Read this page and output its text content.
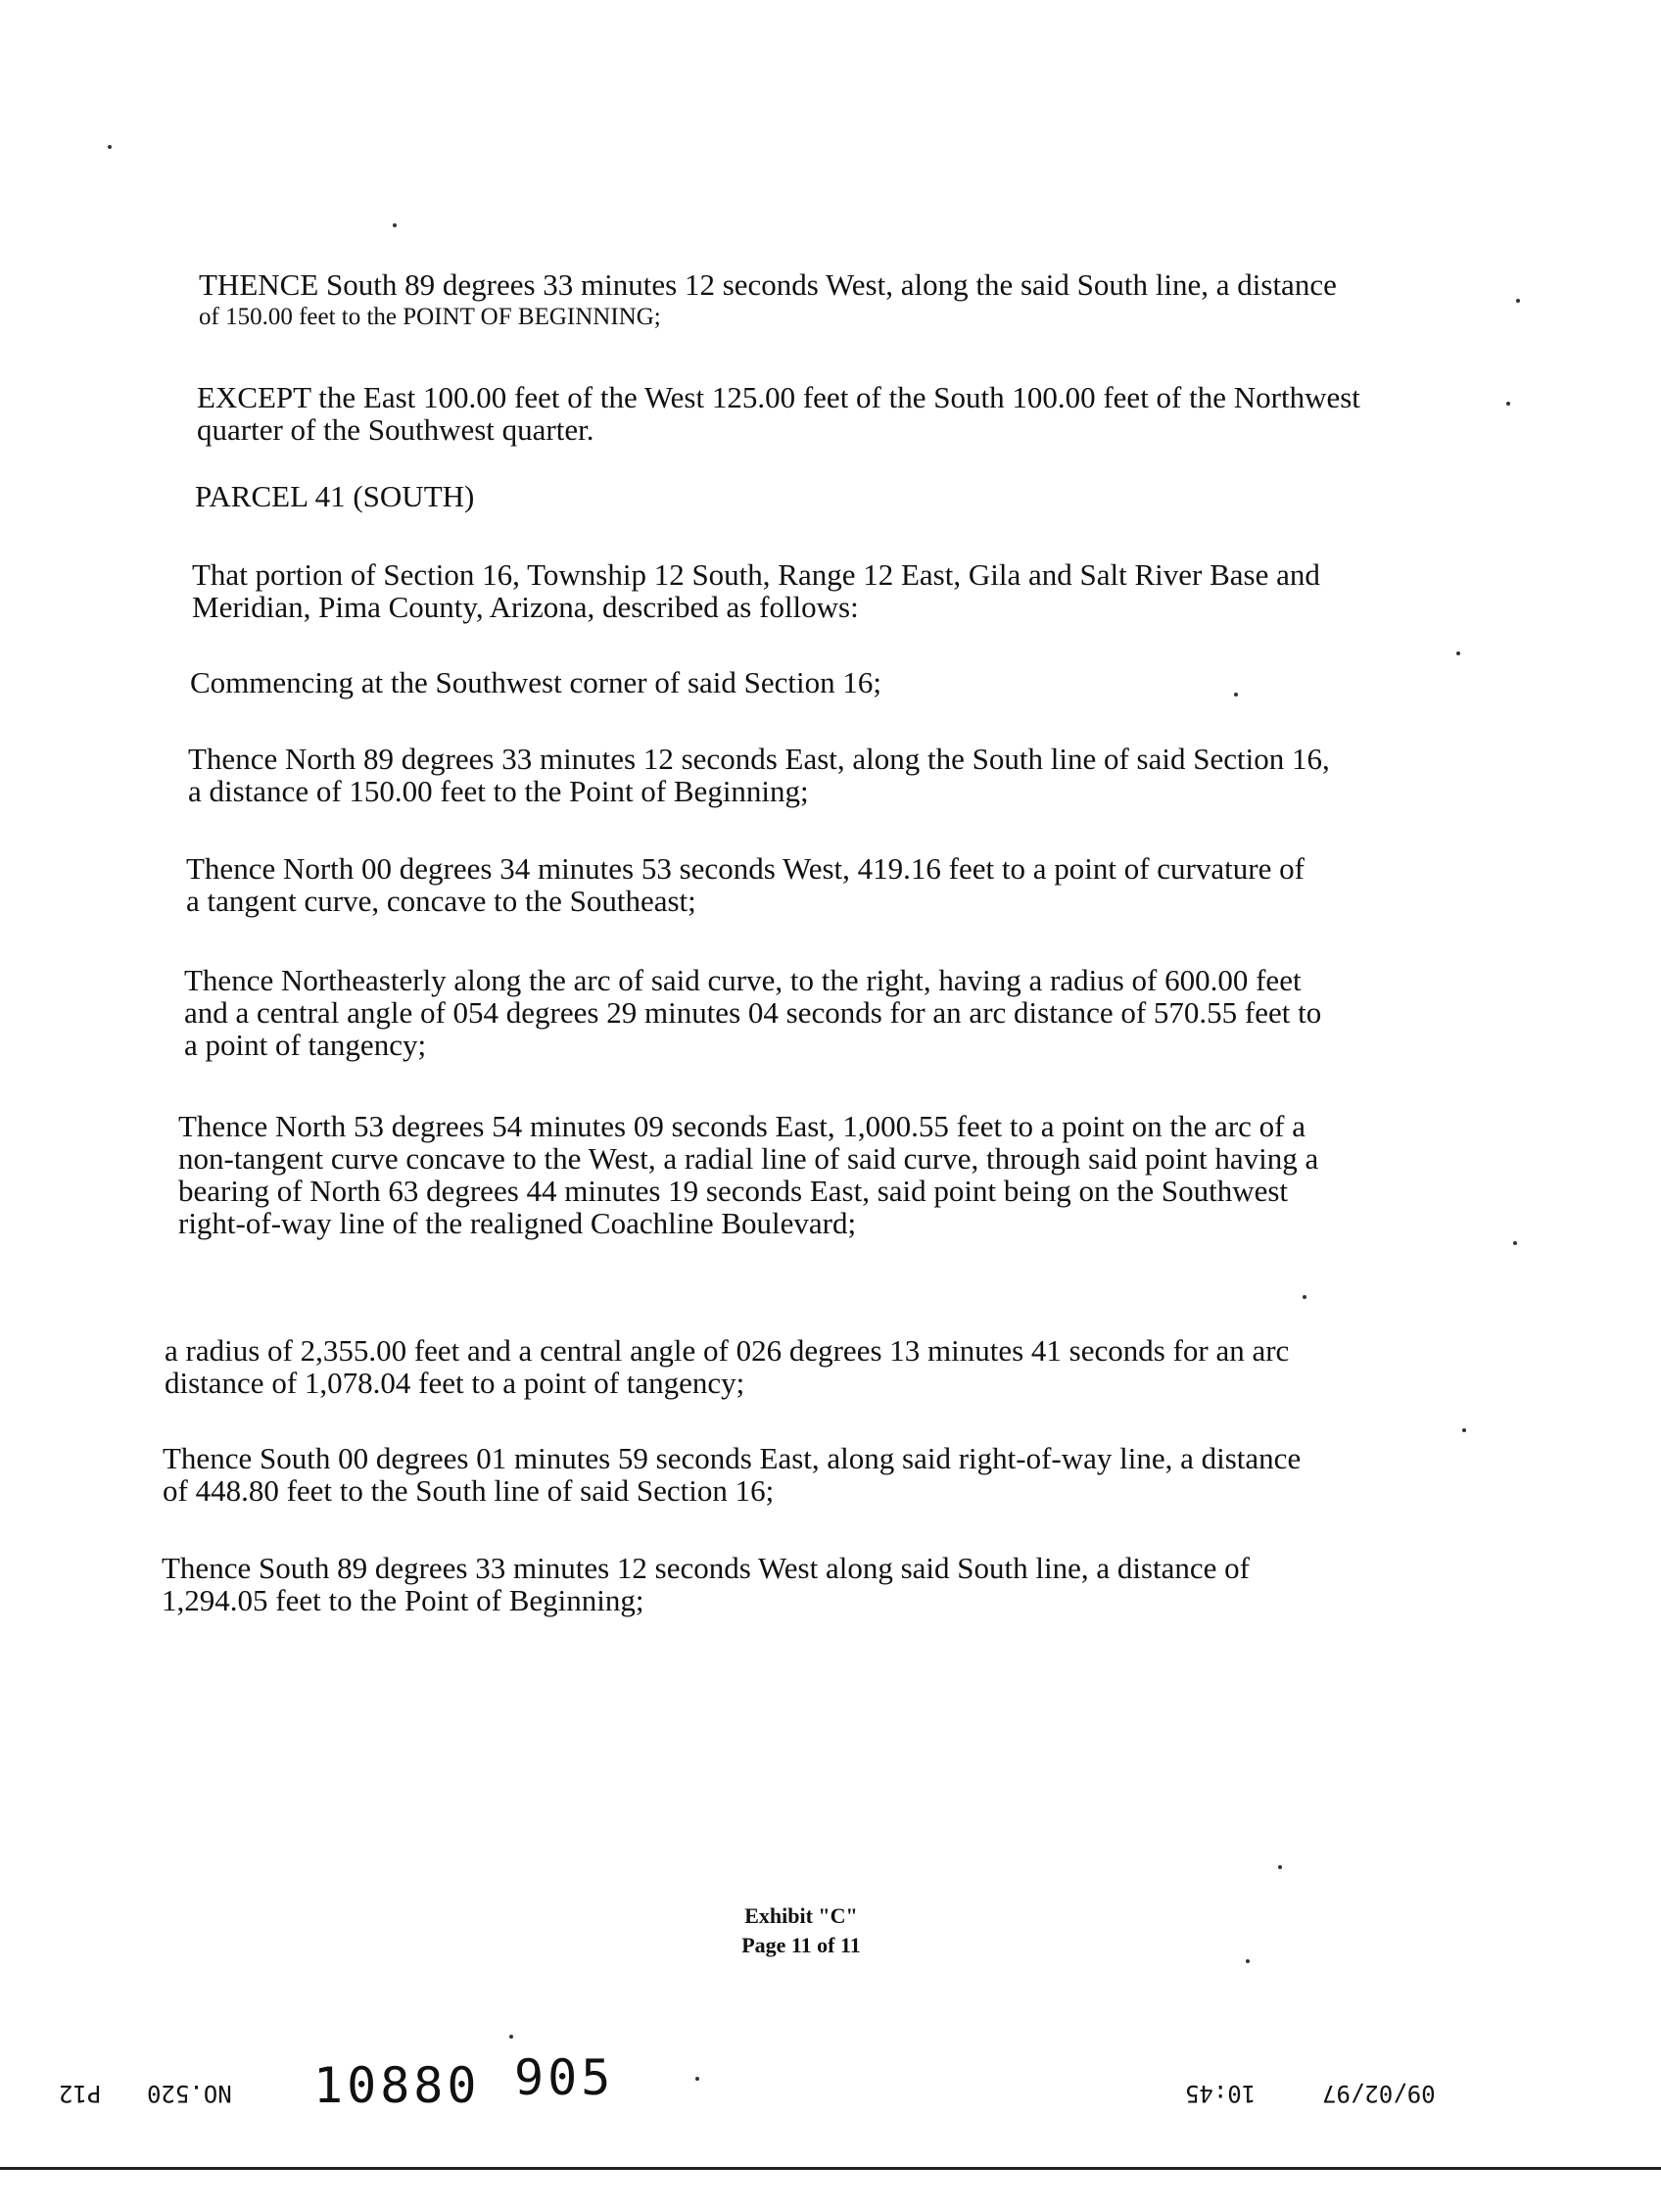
THENCE South 89 degrees 33 minutes 12 seconds West, along the said South line, a distance
of 150.00 feet to the POINT OF BEGINNING;
EXCEPT the East 100.00 feet of the West 125.00 feet of the South 100.00 feet of the Northwest
quarter of the Southwest quarter.
PARCEL 41 (SOUTH)
That portion of Section 16, Township 12 South, Range 12 East, Gila and Salt River Base and
Meridian, Pima County, Arizona, described as follows:
Commencing at the Southwest corner of said Section 16;
Thence North 89 degrees 33 minutes 12 seconds East, along the South line of said Section 16,
a distance of 150.00 feet to the Point of Beginning;
Thence North 00 degrees 34 minutes 53 seconds West, 419.16 feet to a point of curvature of
a tangent curve, concave to the Southeast;
Thence Northeasterly along the arc of said curve, to the right, having a radius of 600.00 feet
and a central angle of 054 degrees 29 minutes 04 seconds for an arc distance of 570.55 feet to
a point of tangency;
Thence North 53 degrees 54 minutes 09 seconds East, 1,000.55 feet to a point on the arc of a
non-tangent curve concave to the West, a radial line of said curve, through said point having a
bearing of North 63 degrees 44 minutes 19 seconds East, said point being on the Southwest
right-of-way line of the realigned Coachline Boulevard;
a radius of 2,355.00 feet and a central angle of 026 degrees 13 minutes 41 seconds for an arc
distance of 1,078.04 feet to a point of tangency;
Thence South 00 degrees 01 minutes 59 seconds East, along said right-of-way line, a distance
of 448.80 feet to the South line of said Section 16;
Thence South 89 degrees 33 minutes 12 seconds West along said South line, a distance of
1,294.05 feet to the Point of Beginning;
Exhibit "C"
Page 11 of 11
P12 NO.520 10880 905	10:45	09/02/97
